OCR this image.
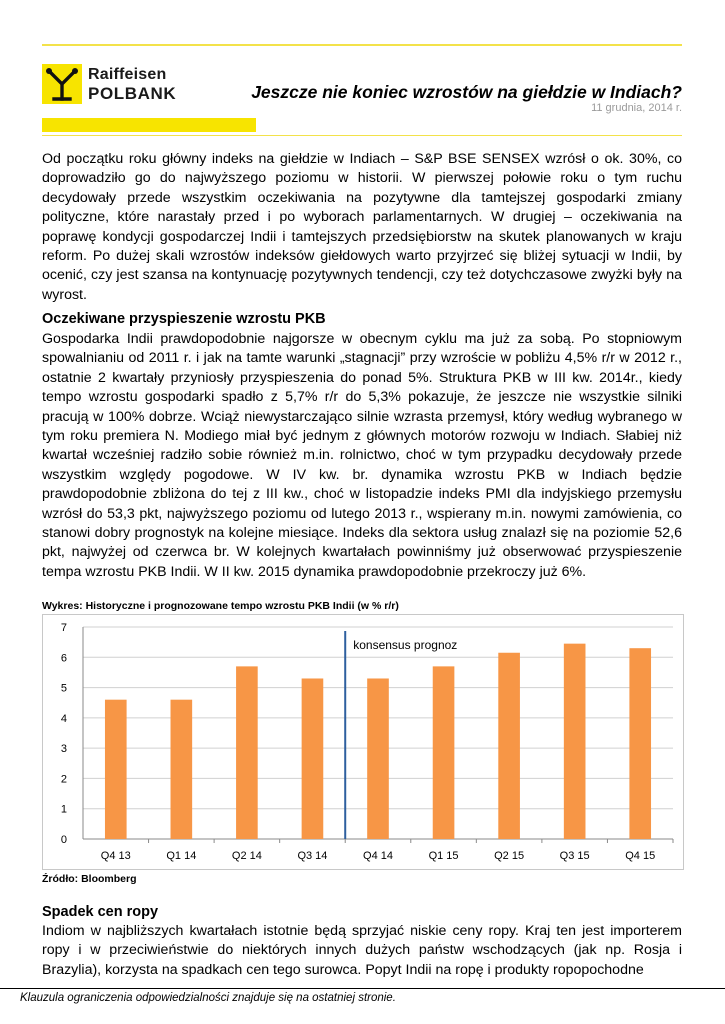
Raiffeisen
POLBANK	Jeszcze nie koniec wzrostów na giełdzie w Indiach?
11 grudnia, 2014 r.

Od początku roku główny indeks na giełdzie w Indiach – S&P BSE SENSEX wzrósł o ok. 30%, co doprowadziło go do najwyższego poziomu w historii. W pierwszej połowie roku o tym ruchu decydowały przede wszystkim oczekiwania na pozytywne dla tamtejszej gospodarki zmiany polityczne, które narastały przed i po wyborach parlamentarnych. W drugiej – oczekiwania na poprawę kondycji gospodarczej Indii i tamtejszych przedsiębiorstw na skutek planowanych w kraju reform. Po dużej skali wzrostów indeksów giełdowych warto przyjrzeć się bliżej sytuacji w Indii, by ocenić, czy jest szansa na kontynuację pozytywnych tendencji, czy też dotychczasowe zwyżki były na wyrost.

Oczekiwane przyspieszenie wzrostu PKB

Gospodarka Indii prawdopodobnie najgorsze w obecnym cyklu ma już za sobą. Po stopniowym spowalnianiu od 2011 r. i jak na tamte warunki „stagnacji” przy wzroście w pobliżu 4,5% r/r w 2012 r., ostatnie 2 kwartały przyniosły przyspieszenia do ponad 5%. Struktura PKB w III kw. 2014r., kiedy tempo wzrostu gospodarki spadło z 5,7% r/r do 5,3% pokazuje, że jeszcze nie wszystkie silniki pracują w 100% dobrze. Wciąż niewystarczająco silnie wzrasta przemysł, który według wybranego w tym roku premiera N. Modiego miał być jednym z głównych motorów rozwoju w Indiach. Słabiej niż kwartał wcześniej radziło sobie również m.in. rolnictwo, choć w tym przypadku decydowały przede wszystkim względy pogodowe. W IV kw. br. dynamika wzrostu PKB w Indiach będzie prawdopodobnie zbliżona do tej z III kw., choć w listopadzie indeks PMI dla indyjskiego przemysłu wzrósł do 53,3 pkt, najwyższego poziomu od lutego 2013 r., wspierany m.in. nowymi zamówienia, co stanowi dobry prognostyk na kolejne miesiące. Indeks dla sektora usług znalazł się na poziomie 52,6 pkt, najwyżej od czerwca br. W kolejnych kwartałach powinniśmy już obserwować przyspieszenie tempa wzrostu PKB Indii. W II kw. 2015 dynamika prawdopodobnie przekroczy już 6%.

Wykres: Historyczne i prognozowane tempo wzrostu PKB Indii (w % r/r)
0
1
2
3
4
5
6
7
Q4 13	Q1 14	Q2 14	Q3 14	Q4 14	Q1 15	Q2 15	Q3 15	Q4 15
konsensus prognoz
Źródło: Bloomberg
Spadek cen ropy

Indiom w najbliższych kwartałach istotnie będą sprzyjać niskie ceny ropy. Kraj ten jest importerem ropy i w przeciwieństwie do niektórych innych dużych państw wschodzących (jak np. Rosja i Brazylia), korzysta na spadkach cen tego surowca. Popyt Indii na ropę i produkty ropopochodne

Klauzula ograniczenia odpowiedzialności znajduje się na ostatniej stronie.
